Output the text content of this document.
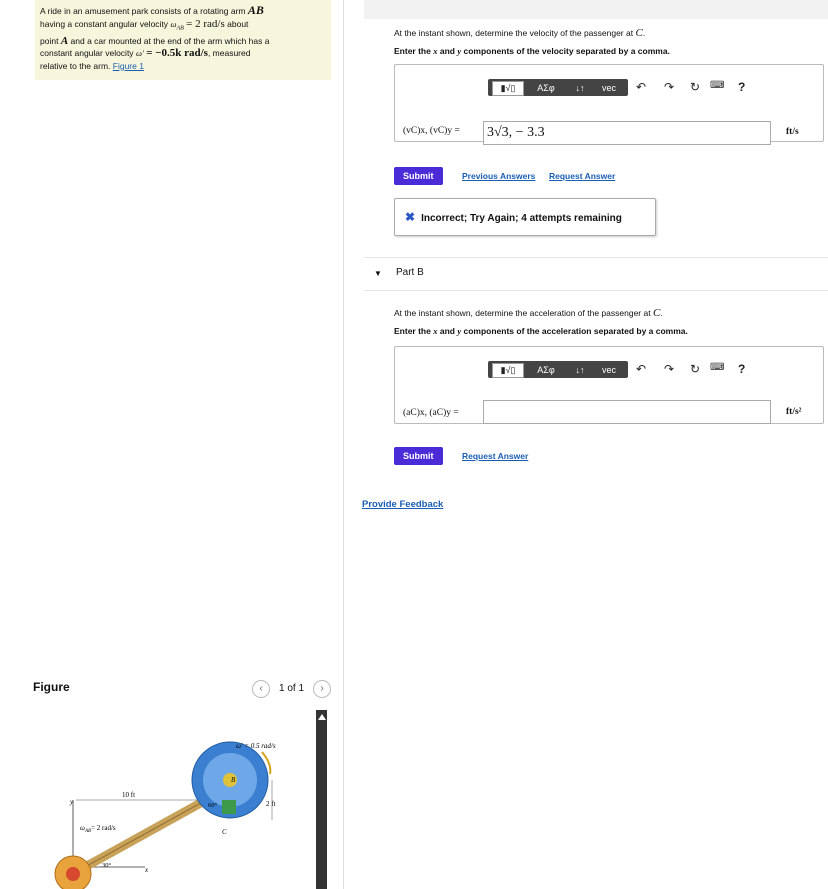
A ride in an amusement park consists of a rotating arm AB
having a constant angular velocity $\omega_{AB} = 2$ rad/s about
point A and a car mounted at the end of the arm which has a
constant angular velocity ω′ = −0.5k rad/s, measured
relative to the arm. Figure 1
Figure	‹	1 of 1	›
y
x
10 ft
30°
$\omega_{AB}= 2$ rad/s
B
C
60°	2 ft
ω′ = 0.5 rad/s
At the instant shown, determine the velocity of the passenger at C.
Enter the x and y components of the velocity separated by a comma.
▮√▯	ΑΣφ	↓↑	vec	↶ ↷ ↻ ⌨ ?
(vC)x, (vC)y = 3√3, − 3.3	ft/s
Submit	Previous Answers Request Answer
✖ Incorrect; Try Again; 4 attempts remaining
▼ Part B
At the instant shown, determine the acceleration of the passenger at C.
Enter the x and y components of the acceleration separated by a comma.
▮√▯	ΑΣφ	↓↑	vec	↶ ↷ ↻ ⌨ ?
(aC)x, (aC)y =	ft/s²
Submit	Request Answer
Provide Feedback
